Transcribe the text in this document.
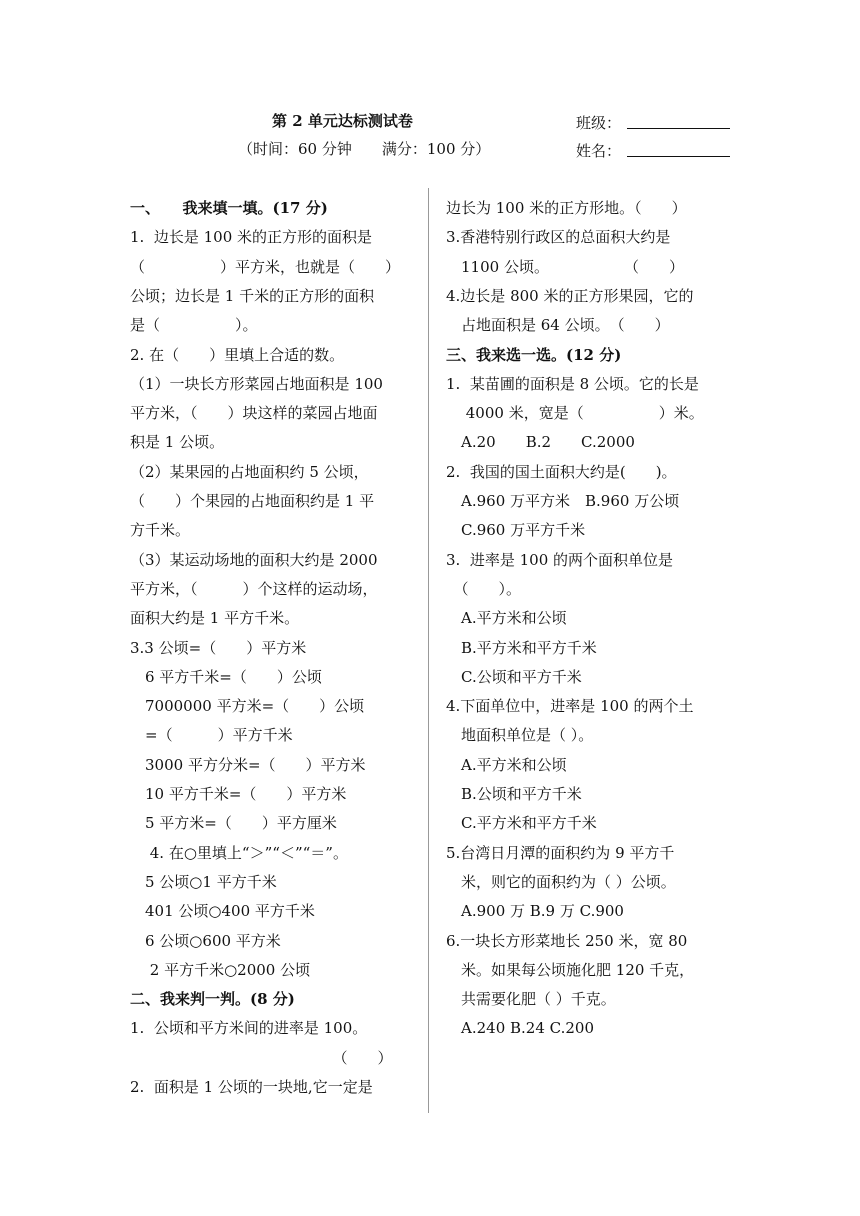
第 2 单元达标测试卷
（时间：60 分钟　　满分：100 分）
班级：
姓名：
一、　　我来填一填。(17 分)
1.  边长是 100 米的正方形的面积是
（　　　　　）平方米，也就是（　　）
公顷；边长是 1 千米的正方形的面积
是（　　　　　）。
2. 在（　　）里填上合适的数。
（1）一块长方形菜园占地面积是 100
平方米，（　　）块这样的菜园占地面
积是 1 公顷。
（2）某果园的占地面积约 5 公顷，
（　　）个果园的占地面积约是 1 平
方千米。
（3）某运动场地的面积大约是 2000
平方米，（　　　）个这样的运动场，
面积大约是 1 平方千米。
3.3 公顷=（　　）平方米
　6 平方千米=（　　）公顷
　7000000 平方米=（　　）公顷
　=（　　　）平方千米
　3000 平方分米=（　　）平方米
　10 平方千米=（　　）平方米
　5 平方米=（　　）平方厘米
　 4. 在○里填上“＞”“＜”“＝”。
　5 公顷○1 平方千米
　401 公顷○400 平方千米
　6 公顷○600 平方米
　 2 平方千米○2000 公顷
二、我来判一判。(8 分)
1.  公顷和平方米间的进率是 100。
　　　　　　　　　　　　　　（　　）
2.  面积是 1 公顷的一块地,它一定是
边长为 100 米的正方形地。（　　）
3.香港特别行政区的总面积大约是
　1100 公顷。　　　　　　（　　）
4.边长是 800 米的正方形果园，它的
　占地面积是 64 公顷。　（　　）
三、我来选一选。(12 分)
1.  某苗圃的面积是 8 公顷。它的长是
　 4000 米，宽是（　　　　　）米。
　A.20　　B.2　　C.2000
2.  我国的国土面积大约是(　　)。
　A.960 万平方米　B.960 万公顷
　C.960 万平方千米
3.  进率是 100 的两个面积单位是
　（　　）。
　A.平方米和公顷
　B.平方米和平方千米
　C.公顷和平方千米
4.下面单位中，进率是 100 的两个土
　地面积单位是（ ）。
　A.平方米和公顷
　B.公顷和平方千米
　C.平方米和平方千米
5.台湾日月潭的面积约为 9 平方千
　米，则它的面积约为（ ）公顷。
　A.900 万 B.9 万 C.900
6.一块长方形菜地长 250 米，宽 80
　米。如果每公顷施化肥 120 千克，
　共需要化肥（ ）千克。
　A.240 B.24 C.200
